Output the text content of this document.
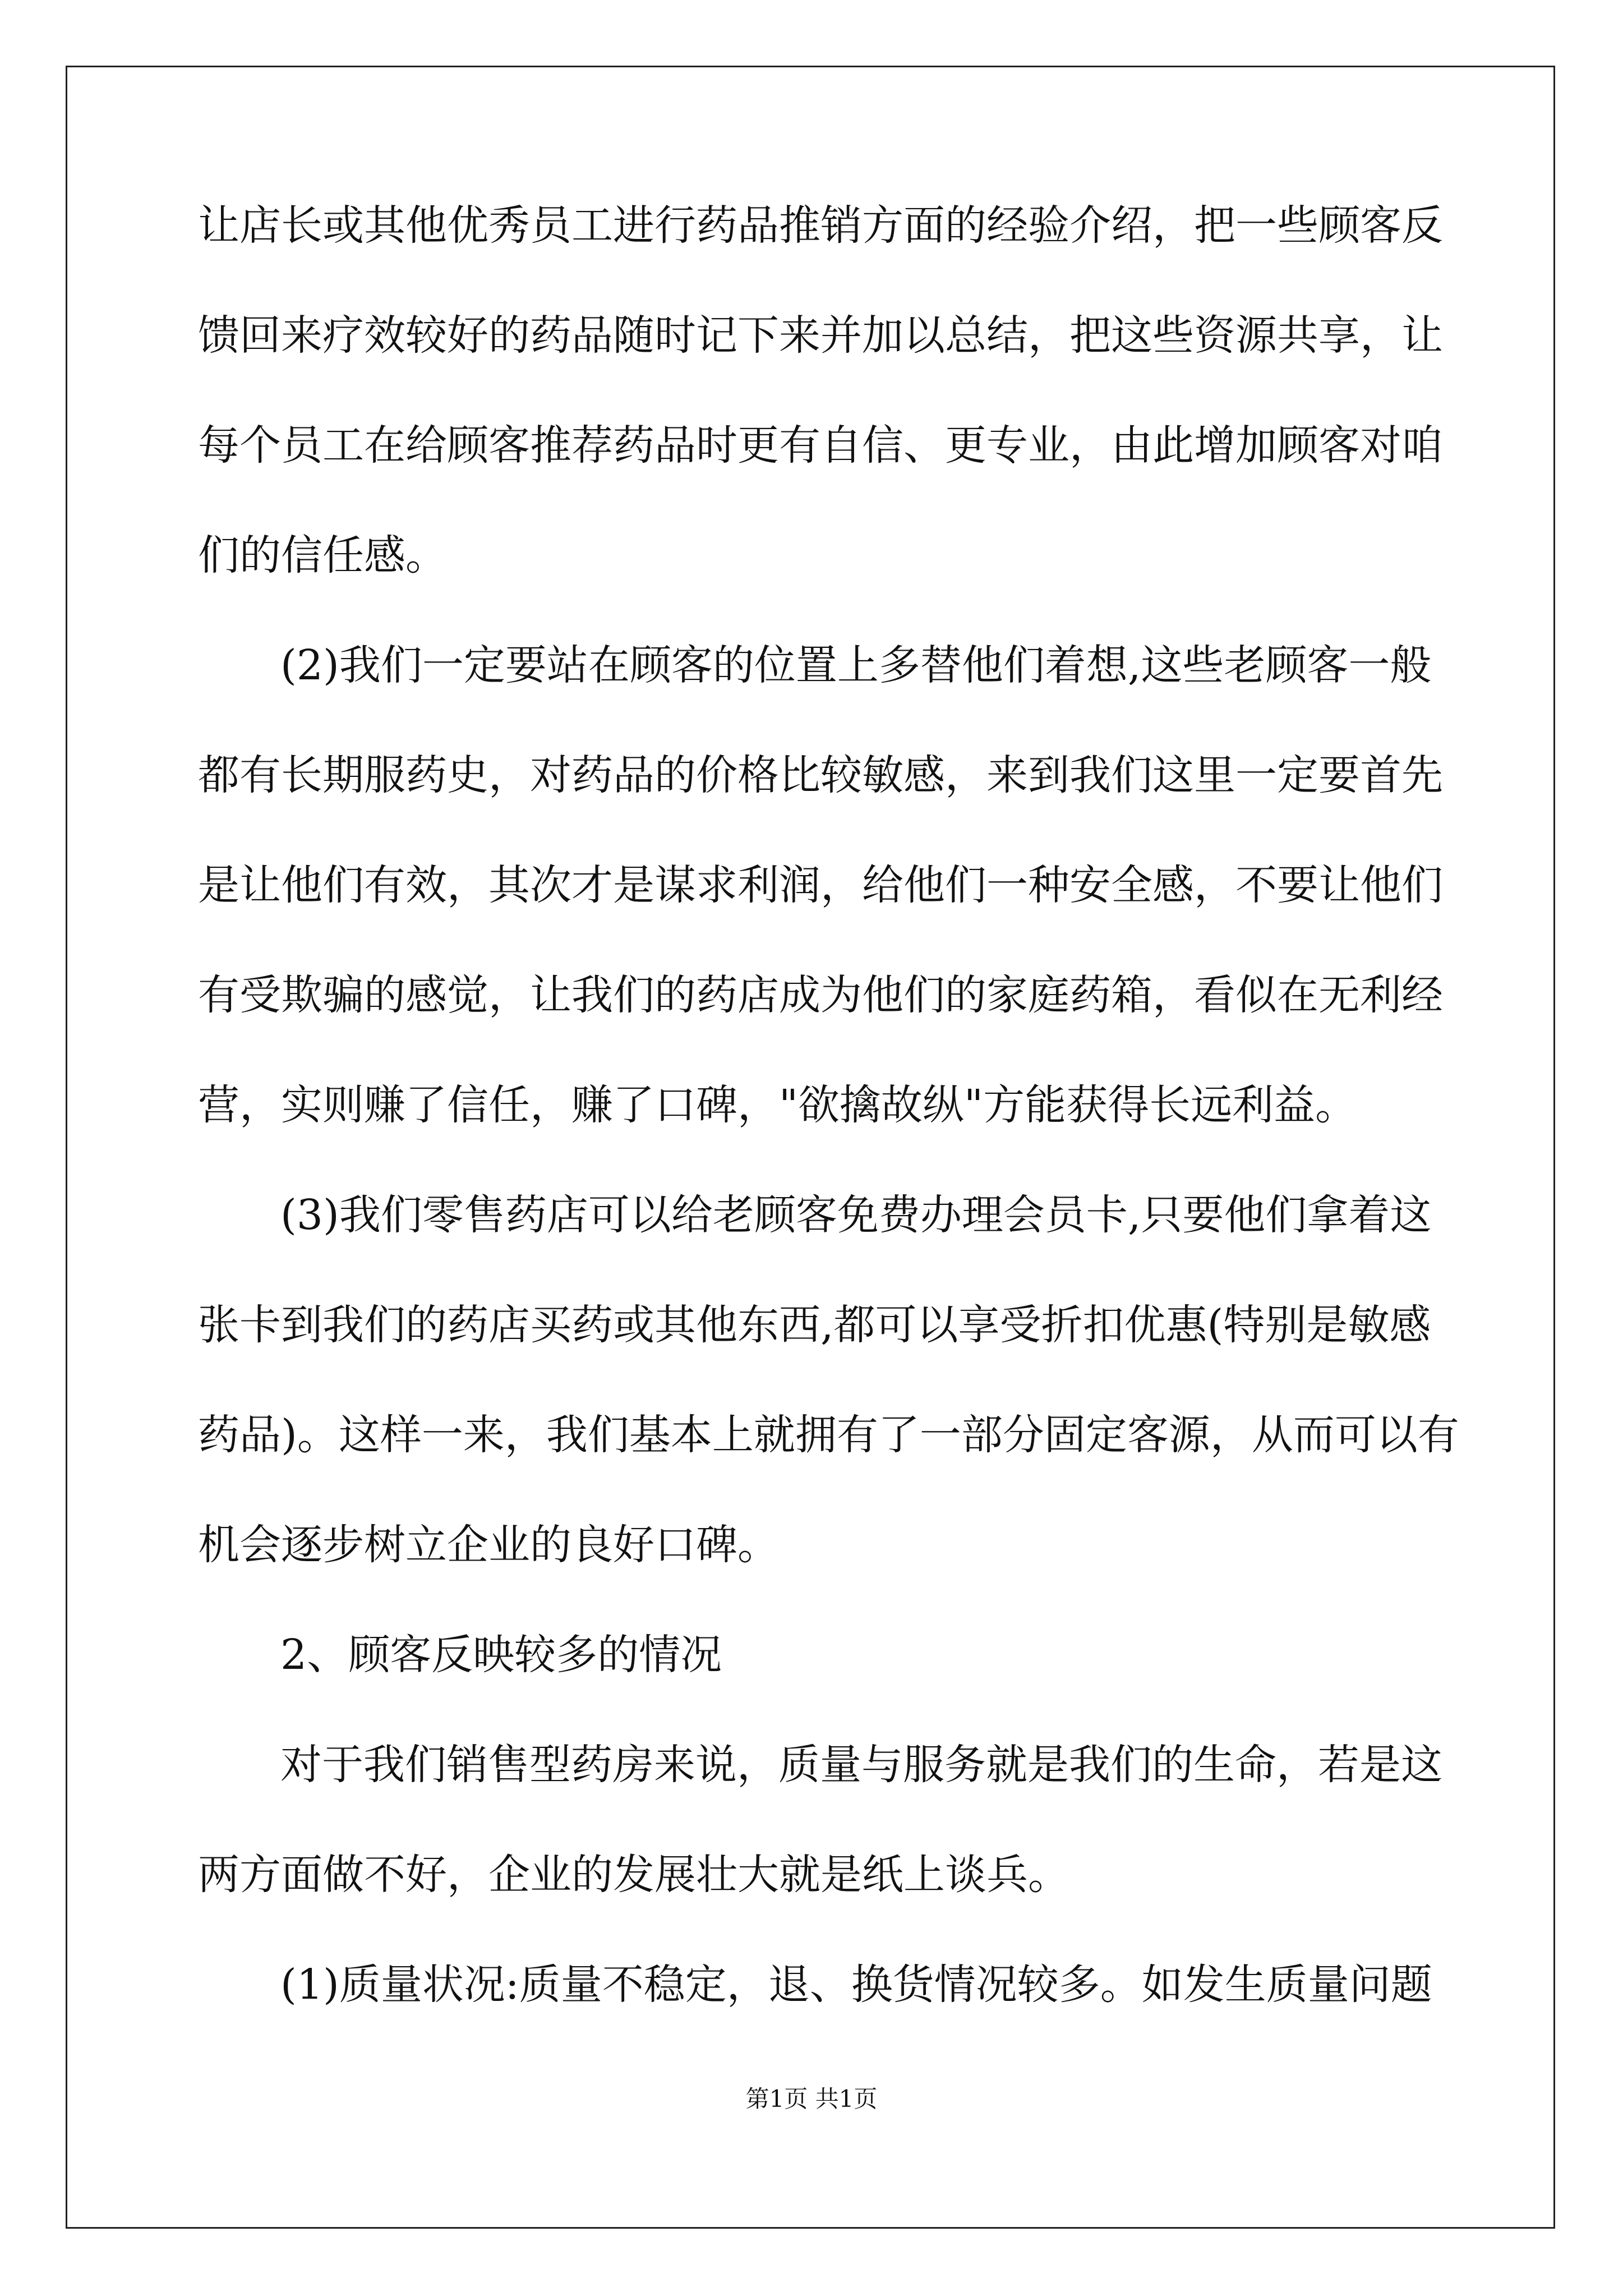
让店长或其他优秀员工进行药品推销方面的经验介绍，把一些顾客反
馈回来疗效较好的药品随时记下来并加以总结，把这些资源共享，让
每个员工在给顾客推荐药品时更有自信、更专业，由此增加顾客对咱
们的信任感。
(2)我们一定要站在顾客的位置上多替他们着想,这些老顾客一般
都有长期服药史，对药品的价格比较敏感，来到我们这里一定要首先
是让他们有效，其次才是谋求利润，给他们一种安全感，不要让他们
有受欺骗的感觉，让我们的药店成为他们的家庭药箱，看似在无利经
营，实则赚了信任，赚了口碑，"欲擒故纵"方能获得长远利益。
(3)我们零售药店可以给老顾客免费办理会员卡,只要他们拿着这
张卡到我们的药店买药或其他东西,都可以享受折扣优惠(特别是敏感
药品)。这样一来，我们基本上就拥有了一部分固定客源，从而可以有
机会逐步树立企业的良好口碑。
2、顾客反映较多的情况
对于我们销售型药房来说，质量与服务就是我们的生命，若是这
两方面做不好，企业的发展壮大就是纸上谈兵。
(1)质量状况:质量不稳定，退、换货情况较多。如发生质量问题
第1页 共1页
